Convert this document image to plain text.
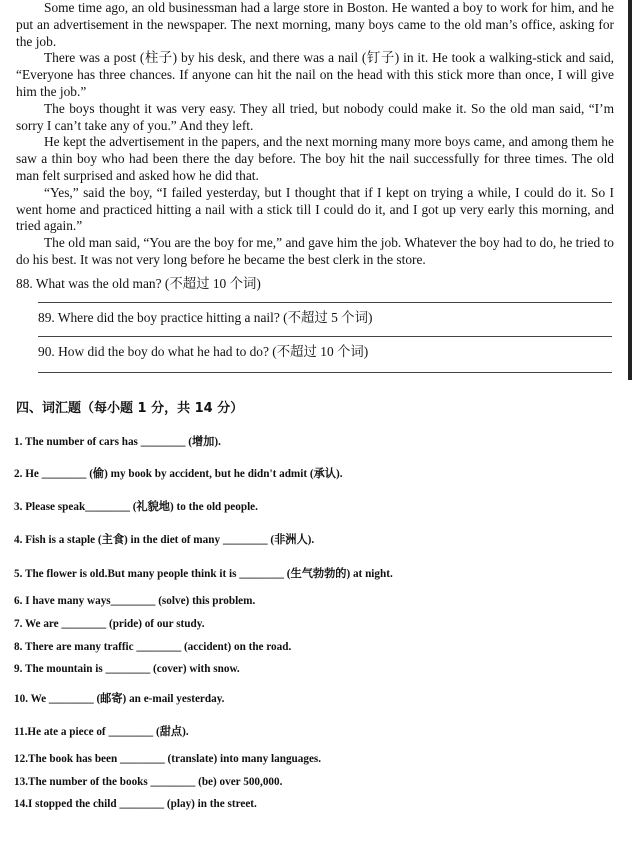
Some time ago, an old businessman had a large store in Boston. He wanted a boy to work for him, and he put an advertisement in the newspaper. The next morning, many boys came to the old man’s office, asking for the job.

There was a post (柱子) by his desk, and there was a nail (钉子) in it. He took a walking-stick and said, “Everyone has three chances. If anyone can hit the nail on the head with this stick more than once, I will give him the job.”

The boys thought it was very easy. They all tried, but nobody could make it. So the old man said, “I’m sorry I can’t take any of you.” And they left.

He kept the advertisement in the papers, and the next morning many more boys came, and among them he saw a thin boy who had been there the day before. The boy hit the nail successfully for three times. The old man felt surprised and asked how he did that.

“Yes,” said the boy, “I failed yesterday, but I thought that if I kept on trying a while, I could do it. So I went home and practiced hitting a nail with a stick till I could do it, and I got up very early this morning, and tried again.”

The old man said, “You are the boy for me,” and gave him the job. Whatever the boy had to do, he tried to do his best. It was not very long before he became the best clerk in the store.

88. What was the old man? (不超过 10 个词)
89. Where did the boy practice hitting a nail? (不超过 5 个词)
90. How did the boy do what he had to do? (不超过 10 个词)
四、词汇题（每小题 1 分，共 14 分）
1. The number of cars has ________ (增加).
2. He ________ (偷) my book by accident, but he didn't admit (承认).
3. Please speak________ (礼貌地) to the old people.
4. Fish is a staple (主食) in the diet of many ________ (非洲人).
5. The flower is old.But many people think it is ________ (生气勃勃的) at night.
6. I have many ways________ (solve) this problem.
7. We are ________ (pride) of our study.
8. There are many traffic ________ (accident) on the road.
9. The mountain is ________ (cover) with snow.
10. We ________ (邮寄) an e-mail yesterday.
11.He ate a piece of ________ (甜点).
12.The book has been ________ (translate) into many languages.
13.The number of the books ________ (be) over 500,000.
14.I stopped the child ________ (play) in the street.
